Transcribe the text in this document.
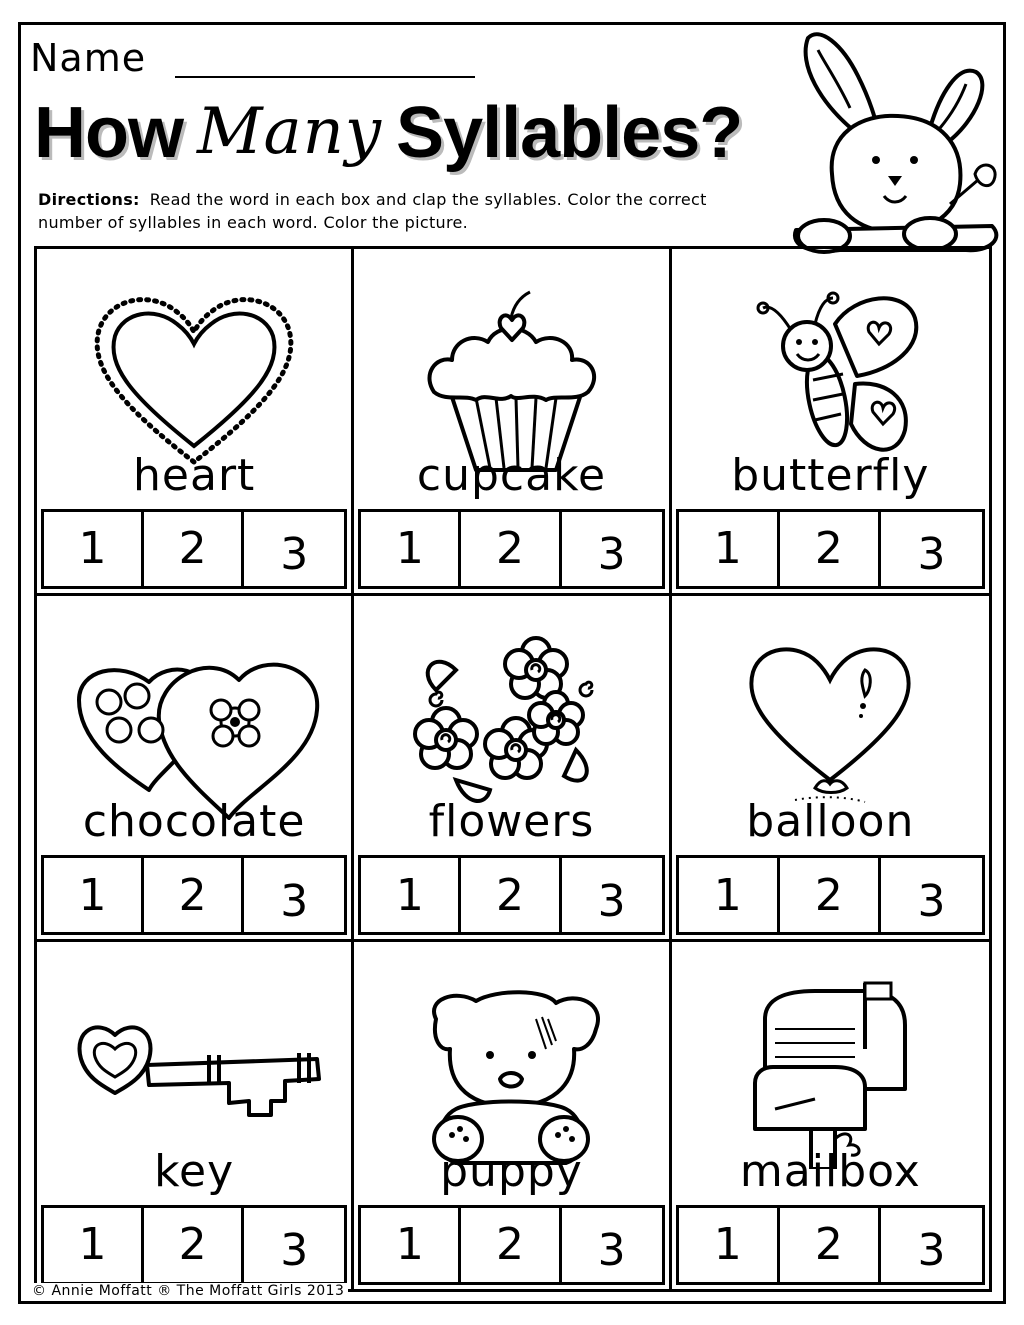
Name
How Many Syllables?
Directions: Read the word in each box and clap the syllables. Color the correct number of syllables in each word. Color the picture.
heart
1	2	3
cupcake
1	2	3
butterfly
1	2	3
chocolate
1	2	3
flowers
1	2	3
balloon
1	2	3
key
1	2	3
puppy
1	2	3
mailbox
1	2	3
© Annie Moffatt ® The Moffatt Girls 2013
